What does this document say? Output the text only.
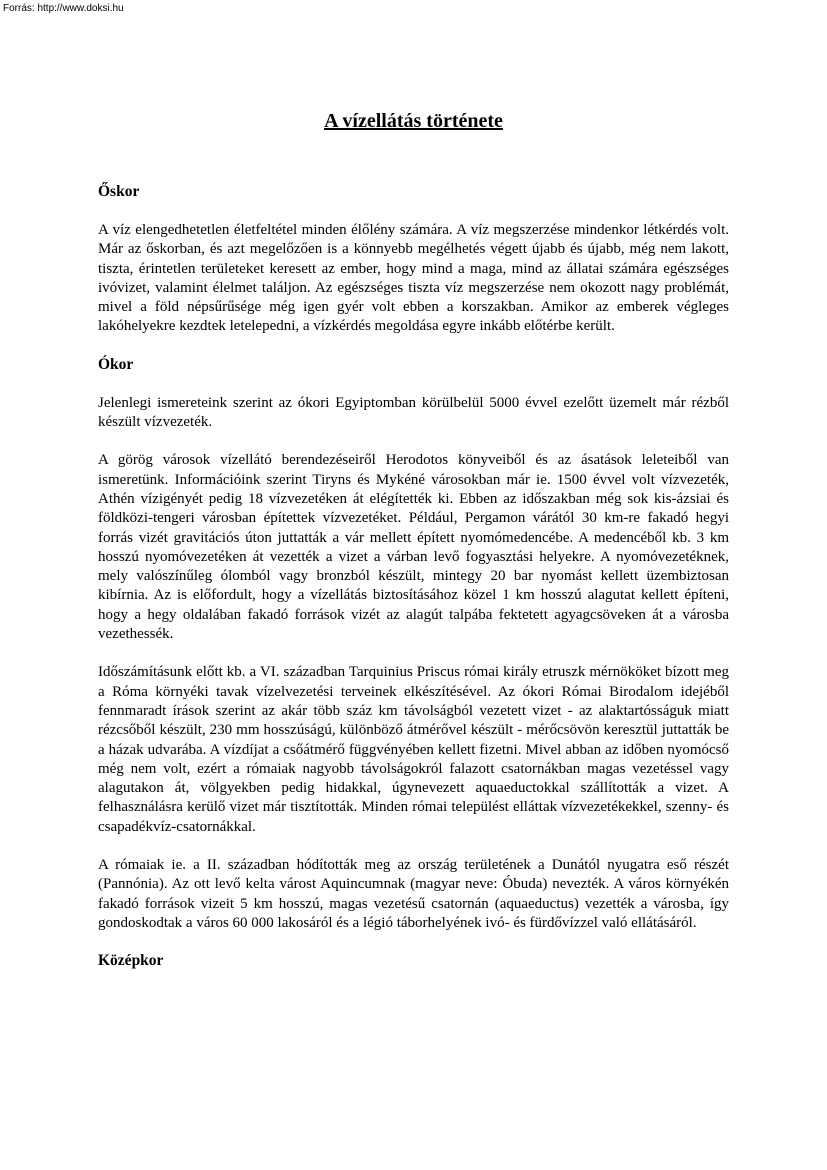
Forrás: http://www.doksi.hu
A vízellátás története
Őskor

A víz elengedhetetlen életfeltétel minden élőlény számára. A víz megszerzése mindenkor létkérdés volt. Már az őskorban, és azt megelőzően is a könnyebb megélhetés végett újabb és újabb, még nem lakott, tiszta, érintetlen területeket keresett az ember, hogy mind a maga, mind az állatai számára egészséges ivóvizet, valamint élelmet találjon. Az egészséges tiszta víz megszerzése nem okozott nagy problémát, mivel a föld népsűrűsége még igen gyér volt ebben a korszakban. Amikor az emberek végleges lakóhelyekre kezdtek letelepedni, a vízkérdés megoldása egyre inkább előtérbe került.

Ókor

Jelenlegi ismereteink szerint az ókori Egyiptomban körülbelül 5000 évvel ezelőtt üzemelt már rézből készült vízvezeték.

A görög városok vízellátó berendezéseiről Herodotos könyveiből és az ásatások leleteiből van ismeretünk. Információink szerint Tiryns és Mykéné városokban már ie. 1500 évvel volt vízvezeték, Athén vízigényét pedig 18 vízvezetéken át elégítették ki. Ebben az időszakban még sok kis-ázsiai és földközi-tengeri városban építettek vízvezetéket. Például, Pergamon várától 30 km-re fakadó hegyi forrás vizét gravitációs úton juttatták a vár mellett épített nyomómedencébe. A medencéből kb. 3 km hosszú nyomóvezetéken át vezették a vizet a várban levő fogyasztási helyekre. A nyomóvezetéknek, mely valószínűleg ólomból vagy bronzból készült, mintegy 20 bar nyomást kellett üzembiztosan kibírnia. Az is előfordult, hogy a vízellátás biztosításához közel 1 km hosszú alagutat kellett építeni, hogy a hegy oldalában fakadó források vizét az alagút talpába fektetett agyagcsöveken át a városba vezethessék.

Időszámításunk előtt kb. a VI. században Tarquinius Priscus római király etruszk mérnököket bízott meg a Róma környéki tavak vízelvezetési terveinek elkészítésével. Az ókori Római Birodalom idejéből fennmaradt írások szerint az akár több száz km távolságból vezetett vizet - az alaktartósságuk miatt rézcsőből készült, 230 mm hosszúságú, különböző átmérővel készült - mérőcsövön keresztül juttatták be a házak udvarába. A vízdíjat a csőátmérő függvényében kellett fizetni. Mivel abban az időben nyomócső még nem volt, ezért a rómaiak nagyobb távolságokról falazott csatornákban magas vezetéssel vagy alagutakon át, völgyekben pedig hidakkal, úgynevezett aquaeductokkal szállították a vizet. A felhasználásra kerülő vizet már tisztították. Minden római települést elláttak vízvezetékekkel, szenny- és csapadékvíz-csatornákkal.

A rómaiak ie. a II. században hódították meg az ország területének a Dunától nyugatra eső részét (Pannónia). Az ott levő kelta várost Aquincumnak (magyar neve: Óbuda) nevezték. A város környékén fakadó források vizeit 5 km hosszú, magas vezetésű csatornán (aquaeductus) vezették a városba, így gondoskodtak a város 60 000 lakosáról és a légió táborhelyének ivó- és fürdővízzel való ellátásáról.

Középkor
